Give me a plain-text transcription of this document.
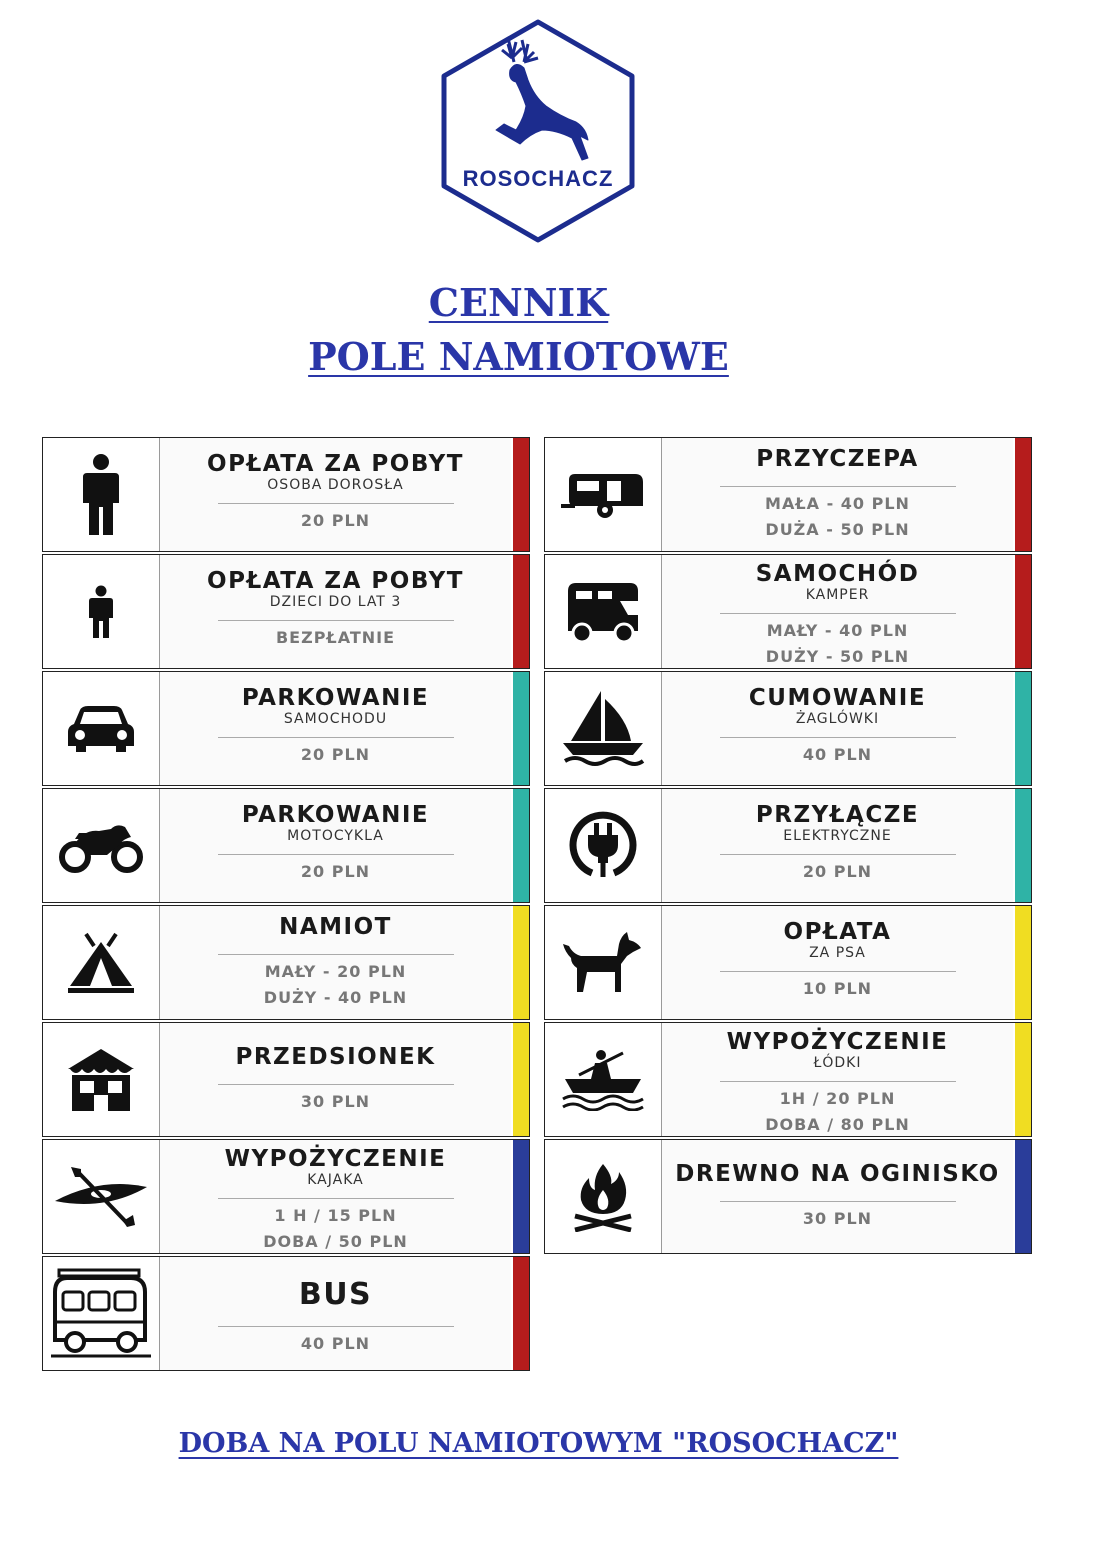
ROSOCHACZ
CENNIK
POLE NAMIOTOWE
OPŁATA ZA POBYT
OSOBA DOROSŁA
20 PLN
OPŁATA ZA POBYT
DZIECI DO LAT 3
BEZPŁATNIE
PARKOWANIE
SAMOCHODU
20 PLN
PARKOWANIE
MOTOCYKLA
20 PLN
NAMIOT
MAŁY - 20 PLN
DUŻY - 40 PLN
PRZEDSIONEK
30 PLN
WYPOŻYCZENIE
KAJAKA
1 H / 15 PLN
DOBA / 50 PLN
BUS
40 PLN
PRZYCZEPA
MAŁA - 40 PLN
DUŻA - 50 PLN
SAMOCHÓD
KAMPER
MAŁY - 40 PLN
DUŻY - 50 PLN
CUMOWANIE
ŻAGLÓWKI
40 PLN
PRZYŁĄCZE
ELEKTRYCZNE
20 PLN
OPŁATA
ZA PSA
10 PLN
WYPOŻYCZENIE
ŁÓDKI
1H / 20 PLN
DOBA / 80 PLN
DREWNO NA OGINISKO
30 PLN
DOBA NA POLU NAMIOTOWYM "ROSOCHACZ"
